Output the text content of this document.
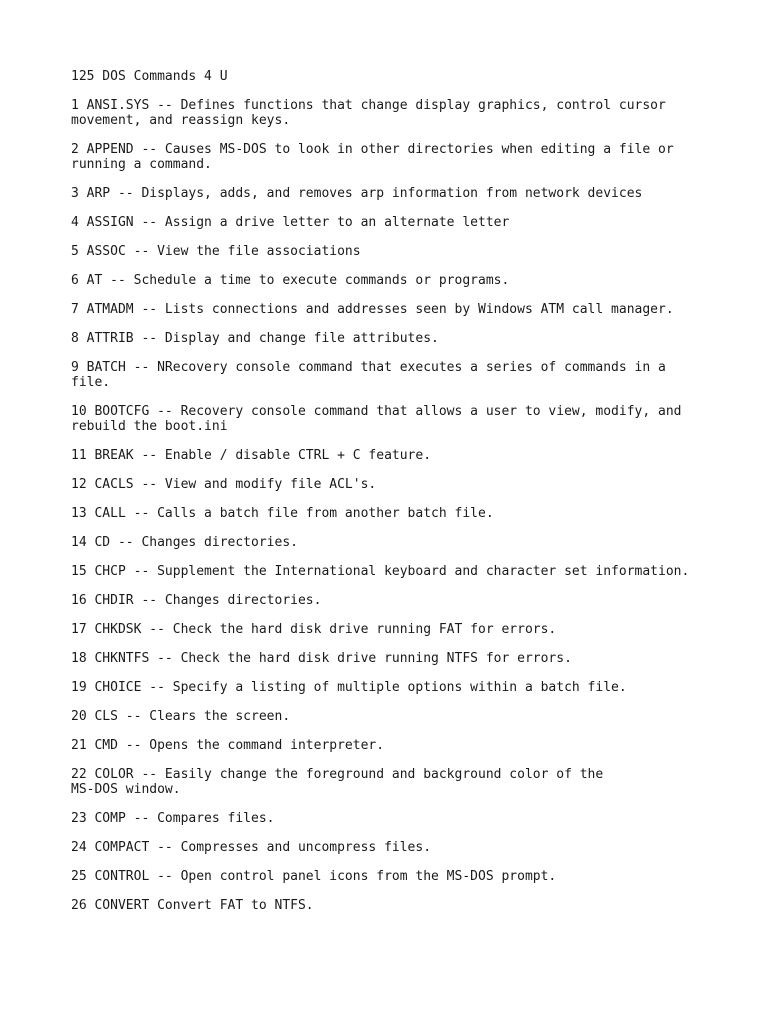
125 DOS Commands 4 U
1 ANSI.SYS -- Defines functions that change display graphics, control cursor
movement, and reassign keys.
2 APPEND -- Causes MS-DOS to look in other directories when editing a file or
running a command.
3 ARP -- Displays, adds, and removes arp information from network devices
4 ASSIGN -- Assign a drive letter to an alternate letter
5 ASSOC -- View the file associations
6 AT -- Schedule a time to execute commands or programs.
7 ATMADM -- Lists connections and addresses seen by Windows ATM call manager.
8 ATTRIB -- Display and change file attributes.
9 BATCH -- NRecovery console command that executes a series of commands in a file.
10 BOOTCFG -- Recovery console command that allows a user to view, modify, and
rebuild the boot.ini
11 BREAK -- Enable / disable CTRL + C feature.
12 CACLS -- View and modify file ACL's.
13 CALL -- Calls a batch file from another batch file.
14 CD -- Changes directories.
15 CHCP -- Supplement the International keyboard and character set information.
16 CHDIR -- Changes directories.
17 CHKDSK -- Check the hard disk drive running FAT for errors.
18 CHKNTFS -- Check the hard disk drive running NTFS for errors.
19 CHOICE -- Specify a listing of multiple options within a batch file.
20 CLS -- Clears the screen.
21 CMD -- Opens the command interpreter.
22 COLOR -- Easily change the foreground and background color of the
MS-DOS window.
23 COMP -- Compares files.
24 COMPACT -- Compresses and uncompress files.
25 CONTROL -- Open control panel icons from the MS-DOS prompt.
26 CONVERT Convert FAT to NTFS.
